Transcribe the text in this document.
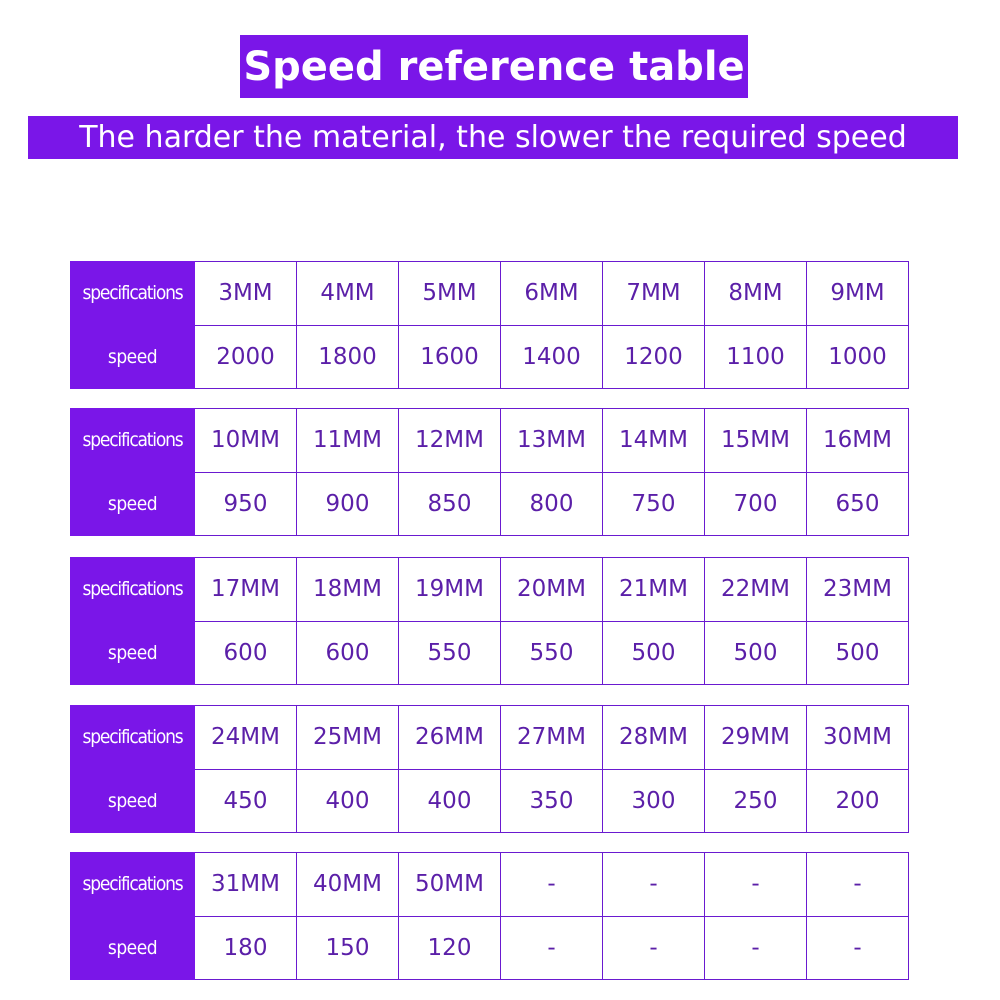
Speed reference table
The harder the material, the slower the required speed
specifications	3MM	4MM	5MM	6MM	7MM	8MM	9MM
speed	2000	1800	1600	1400	1200	1100	1000
specifications	10MM	11MM	12MM	13MM	14MM	15MM	16MM
speed	950	900	850	800	750	700	650
specifications	17MM	18MM	19MM	20MM	21MM	22MM	23MM
speed	600	600	550	550	500	500	500
specifications	24MM	25MM	26MM	27MM	28MM	29MM	30MM
speed	450	400	400	350	300	250	200
specifications	31MM	40MM	50MM	-	-	-	-
speed	180	150	120	-	-	-	-
